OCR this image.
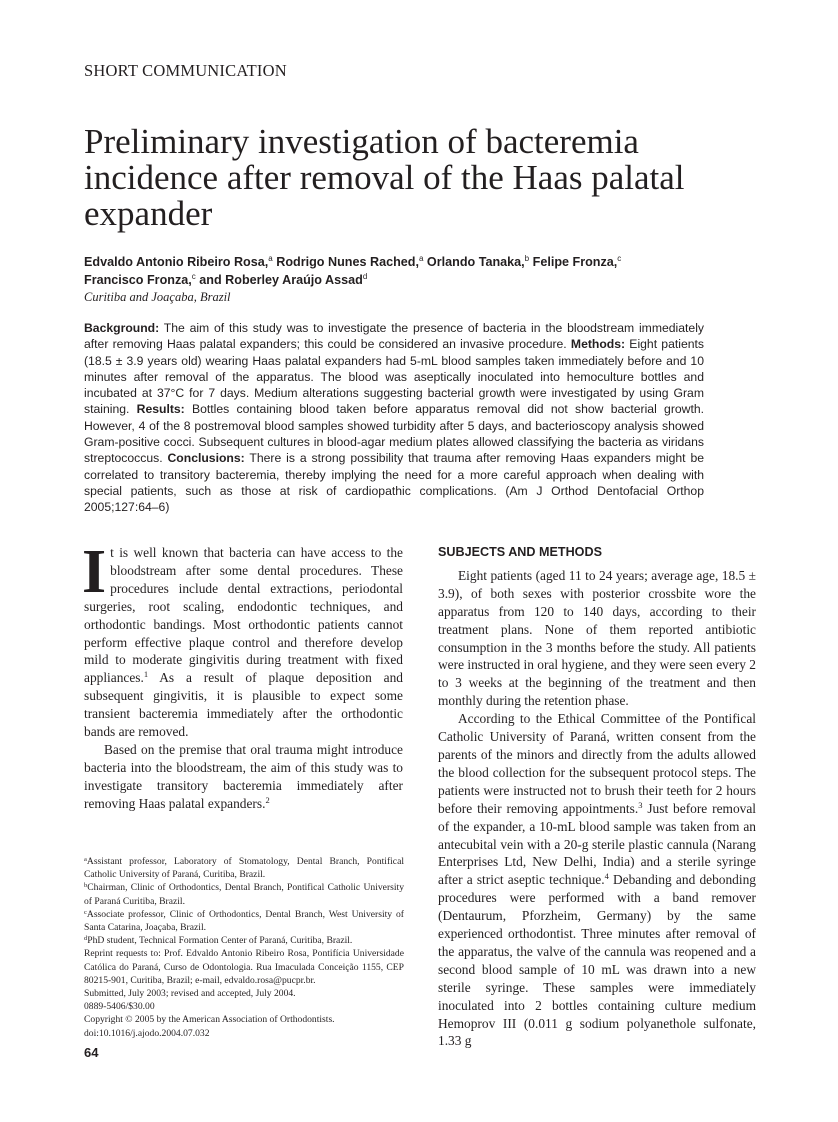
SHORT COMMUNICATION
Preliminary investigation of bacteremia incidence after removal of the Haas palatal expander
Edvaldo Antonio Ribeiro Rosa,$^a$ Rodrigo Nunes Rached,$^a$ Orlando Tanaka,$^b$ Felipe Fronza,$^c$
Francisco Fronza,$^c$ and Roberley Araújo Assad$^d$
Curitiba and Joaçaba, Brazil
Background: The aim of this study was to investigate the presence of bacteria in the bloodstream immediately after removing Haas palatal expanders; this could be considered an invasive procedure. Methods: Eight patients (18.5 ± 3.9 years old) wearing Haas palatal expanders had 5-mL blood samples taken immediately before and 10 minutes after removal of the apparatus. The blood was aseptically inoculated into hemoculture bottles and incubated at 37°C for 7 days. Medium alterations suggesting bacterial growth were investigated by using Gram staining. Results: Bottles containing blood taken before apparatus removal did not show bacterial growth. However, 4 of the 8 postremoval blood samples showed turbidity after 5 days, and bacterioscopy analysis showed Gram-positive cocci. Subsequent cultures in blood-agar medium plates allowed classifying the bacteria as viridans streptococcus. Conclusions: There is a strong possibility that trauma after removing Haas expanders might be correlated to transitory bacteremia, thereby implying the need for a more careful approach when dealing with special patients, such as those at risk of cardiopathic complications. (Am J Orthod Dentofacial Orthop 2005;127:64–6)

It is well known that bacteria can have access to the bloodstream after some dental procedures. These procedures include dental extractions, periodontal surgeries, root scaling, endodontic techniques, and orthodontic bandings. Most orthodontic patients cannot perform effective plaque control and therefore develop mild to moderate gingivitis during treatment with fixed appliances.$^1$ As a result of plaque deposition and subsequent gingivitis, it is plausible to expect some transient bacteremia immediately after the orthodontic bands are removed.

Based on the premise that oral trauma might introduce bacteria into the bloodstream, the aim of this study was to investigate transitory bacteremia immediately after removing Haas palatal expanders.$^2$

SUBJECTS AND METHODS

Eight patients (aged 11 to 24 years; average age, 18.5 ± 3.9), of both sexes with posterior crossbite wore the apparatus from 120 to 140 days, according to their treatment plans. None of them reported antibiotic consumption in the 3 months before the study. All patients were instructed in oral hygiene, and they were seen every 2 to 3 weeks at the beginning of the treatment and then monthly during the retention phase.

According to the Ethical Committee of the Pontifical Catholic University of Paraná, written consent from the parents of the minors and directly from the adults allowed the blood collection for the subsequent protocol steps. The patients were instructed not to brush their teeth for 2 hours before their removing appointments.$^3$ Just before removal of the expander, a 10-mL blood sample was taken from an antecubital vein with a 20-g sterile plastic cannula (Narang Enterprises Ltd, New Delhi, India) and a sterile syringe after a strict aseptic technique.$^4$ Debanding and debonding procedures were performed with a band remover (Dentaurum, Pforzheim, Germany) by the same experienced orthodontist. Three minutes after removal of the apparatus, the valve of the cannula was reopened and a second blood sample of 10 mL was drawn into a new sterile syringe. These samples were immediately inoculated into 2 bottles containing culture medium Hemoprov III (0.011 g sodium polyanethole sulfonate, 1.33 g

$^a$Assistant professor, Laboratory of Stomatology, Dental Branch, Pontifical Catholic University of Paraná, Curitiba, Brazil.
$^b$Chairman, Clinic of Orthodontics, Dental Branch, Pontifical Catholic University of Paraná Curitiba, Brazil.
$^c$Associate professor, Clinic of Orthodontics, Dental Branch, West University of Santa Catarina, Joaçaba, Brazil.
$^d$PhD student, Technical Formation Center of Paraná, Curitiba, Brazil.
Reprint requests to: Prof. Edvaldo Antonio Ribeiro Rosa, Pontifícia Universidade Católica do Paraná, Curso de Odontologia. Rua Imaculada Conceição 1155, CEP 80215-901, Curitiba, Brazil; e-mail, edvaldo.rosa@pucpr.br.
Submitted, July 2003; revised and accepted, July 2004.
0889-5406/$30.00
Copyright © 2005 by the American Association of Orthodontists.
doi:10.1016/j.ajodo.2004.07.032
64
